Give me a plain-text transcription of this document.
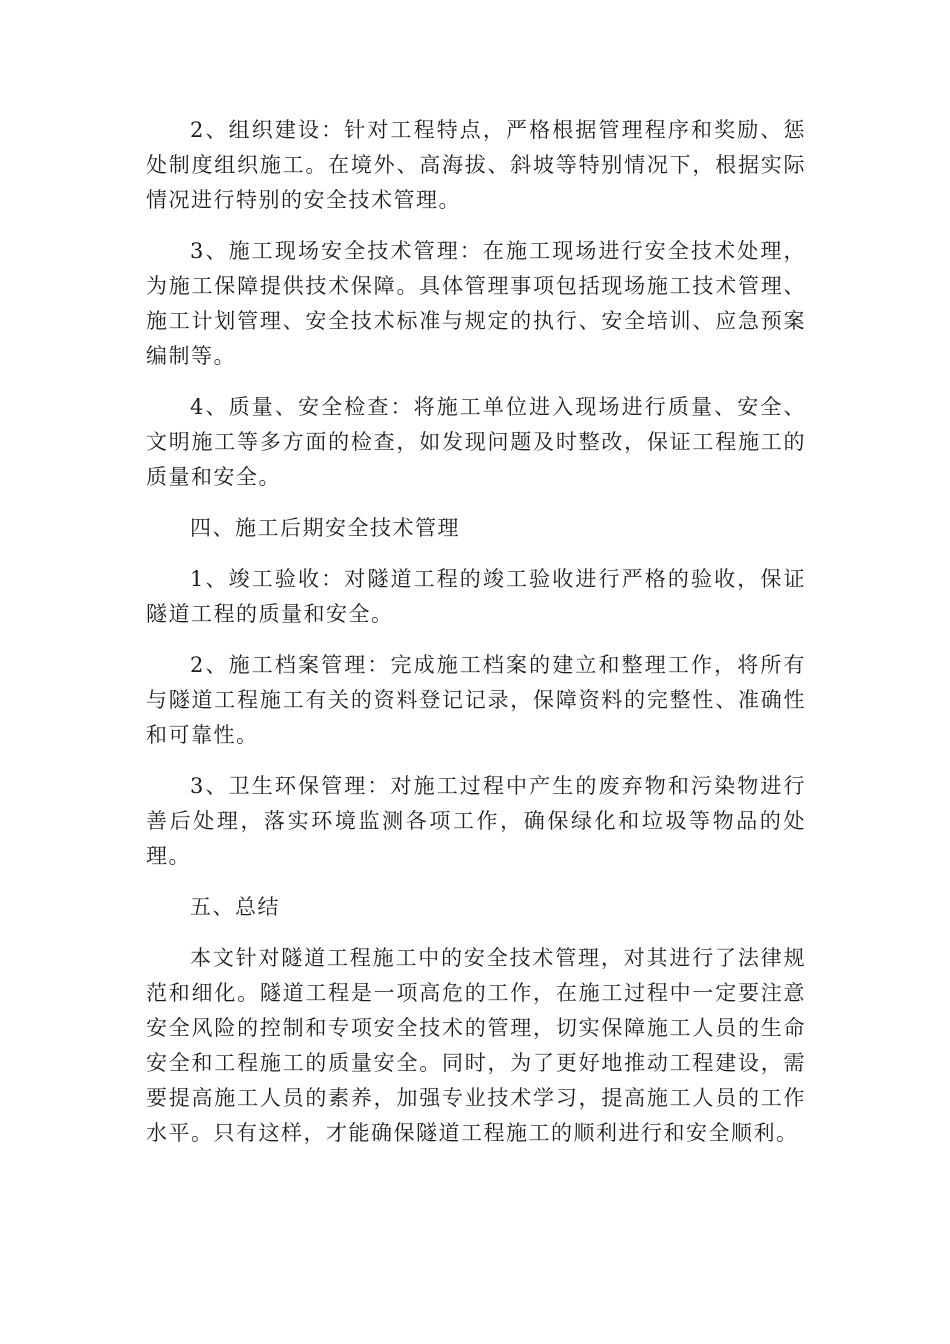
2、组织建设：针对工程特点，严格根据管理程序和奖励、惩处制度组织施工。在境外、高海拔、斜坡等特别情况下，根据实际情况进行特别的安全技术管理。

3、施工现场安全技术管理：在施工现场进行安全技术处理，为施工保障提供技术保障。具体管理事项包括现场施工技术管理、施工计划管理、安全技术标准与规定的执行、安全培训、应急预案编制等。

4、质量、安全检查：将施工单位进入现场进行质量、安全、文明施工等多方面的检查，如发现问题及时整改，保证工程施工的质量和安全。

四、施工后期安全技术管理

1、竣工验收：对隧道工程的竣工验收进行严格的验收，保证隧道工程的质量和安全。

2、施工档案管理：完成施工档案的建立和整理工作，将所有与隧道工程施工有关的资料登记记录，保障资料的完整性、准确性和可靠性。

3、卫生环保管理：对施工过程中产生的废弃物和污染物进行善后处理，落实环境监测各项工作，确保绿化和垃圾等物品的处理。

五、总结

本文针对隧道工程施工中的安全技术管理，对其进行了法律规范和细化。隧道工程是一项高危的工作，在施工过程中一定要注意安全风险的控制和专项安全技术的管理，切实保障施工人员的生命安全和工程施工的质量安全。同时，为了更好地推动工程建设，需要提高施工人员的素养，加强专业技术学习，提高施工人员的工作水平。只有这样，才能确保隧道工程施工的顺利进行和安全顺利。
